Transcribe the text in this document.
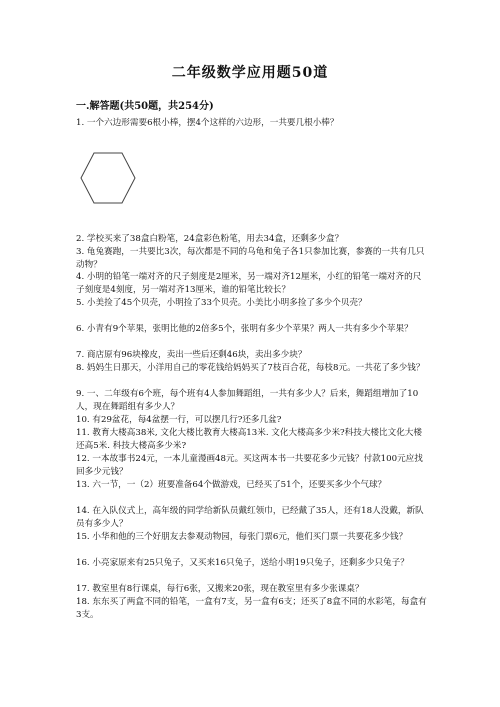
二年级数学应用题50道
一.解答题(共50题，共254分)
1. 一个六边形需要6根小棒，摆4个这样的六边形，一共要几根小棒？
2. 学校买来了38盒白粉笔，24盒彩色粉笔，用去34盒，还剩多少盒？
3. 龟兔赛跑，一共要比3次，每次都是不同的乌龟和兔子各1只参加比赛，参赛的一共有几只动物？
4. 小明的铅笔一端对齐的尺子刻度是2厘米，另一端对齐12厘米，小红的铅笔一端对齐的尺子刻度是4刻度，另一端对齐13厘米，谁的铅笔比较长？
5. 小美捡了45个贝壳，小明捡了33个贝壳。小美比小明多捡了多少个贝壳？
6. 小青有9个苹果，张明比他的2倍多5个，张明有多少个苹果？两人一共有多少个苹果？
7. 商店原有96块橡皮，卖出一些后还剩46块，卖出多少块？
8. 妈妈生日那天，小洋用自己的零花钱给妈妈买了7枝百合花，每枝8元。一共花了多少钱？
9. 一、二年级有6个班，每个班有4人参加舞蹈组，一共有多少人？后来，舞蹈组增加了10人，现在舞蹈组有多少人？
10. 有29盆花，每4盆摆一行，可以摆几行?还多几盆?
11. 教育大楼高38米, 文化大楼比教育大楼高13米. 文化大楼高多少米?科技大楼比文化大楼还高5米. 科技大楼高多少米?
12. 一本故事书24元，一本儿童漫画48元。买这两本书一共要花多少元钱？付款100元应找回多少元钱？
13. 六一节，一（2）班要准备64个做游戏，已经买了51个，还要买多少个气球？
14. 在入队仪式上，高年级的同学给新队员戴红领巾，已经戴了35人，还有18人没戴，新队员有多少人？
15. 小华和他的三个好朋友去参观动物园，每张门票6元，他们买门票一共要花多少钱？
16. 小亮家原来有25只兔子，又买来16只兔子，送给小明19只兔子，还剩多少只兔子？
17. 教室里有8行课桌，每行6张，又搬来20张，现在教室里有多少张课桌？
18. 东东买了两盒不同的铅笔，一盒有7支，另一盒有6支；还买了8盒不同的水彩笔，每盒有3支。
